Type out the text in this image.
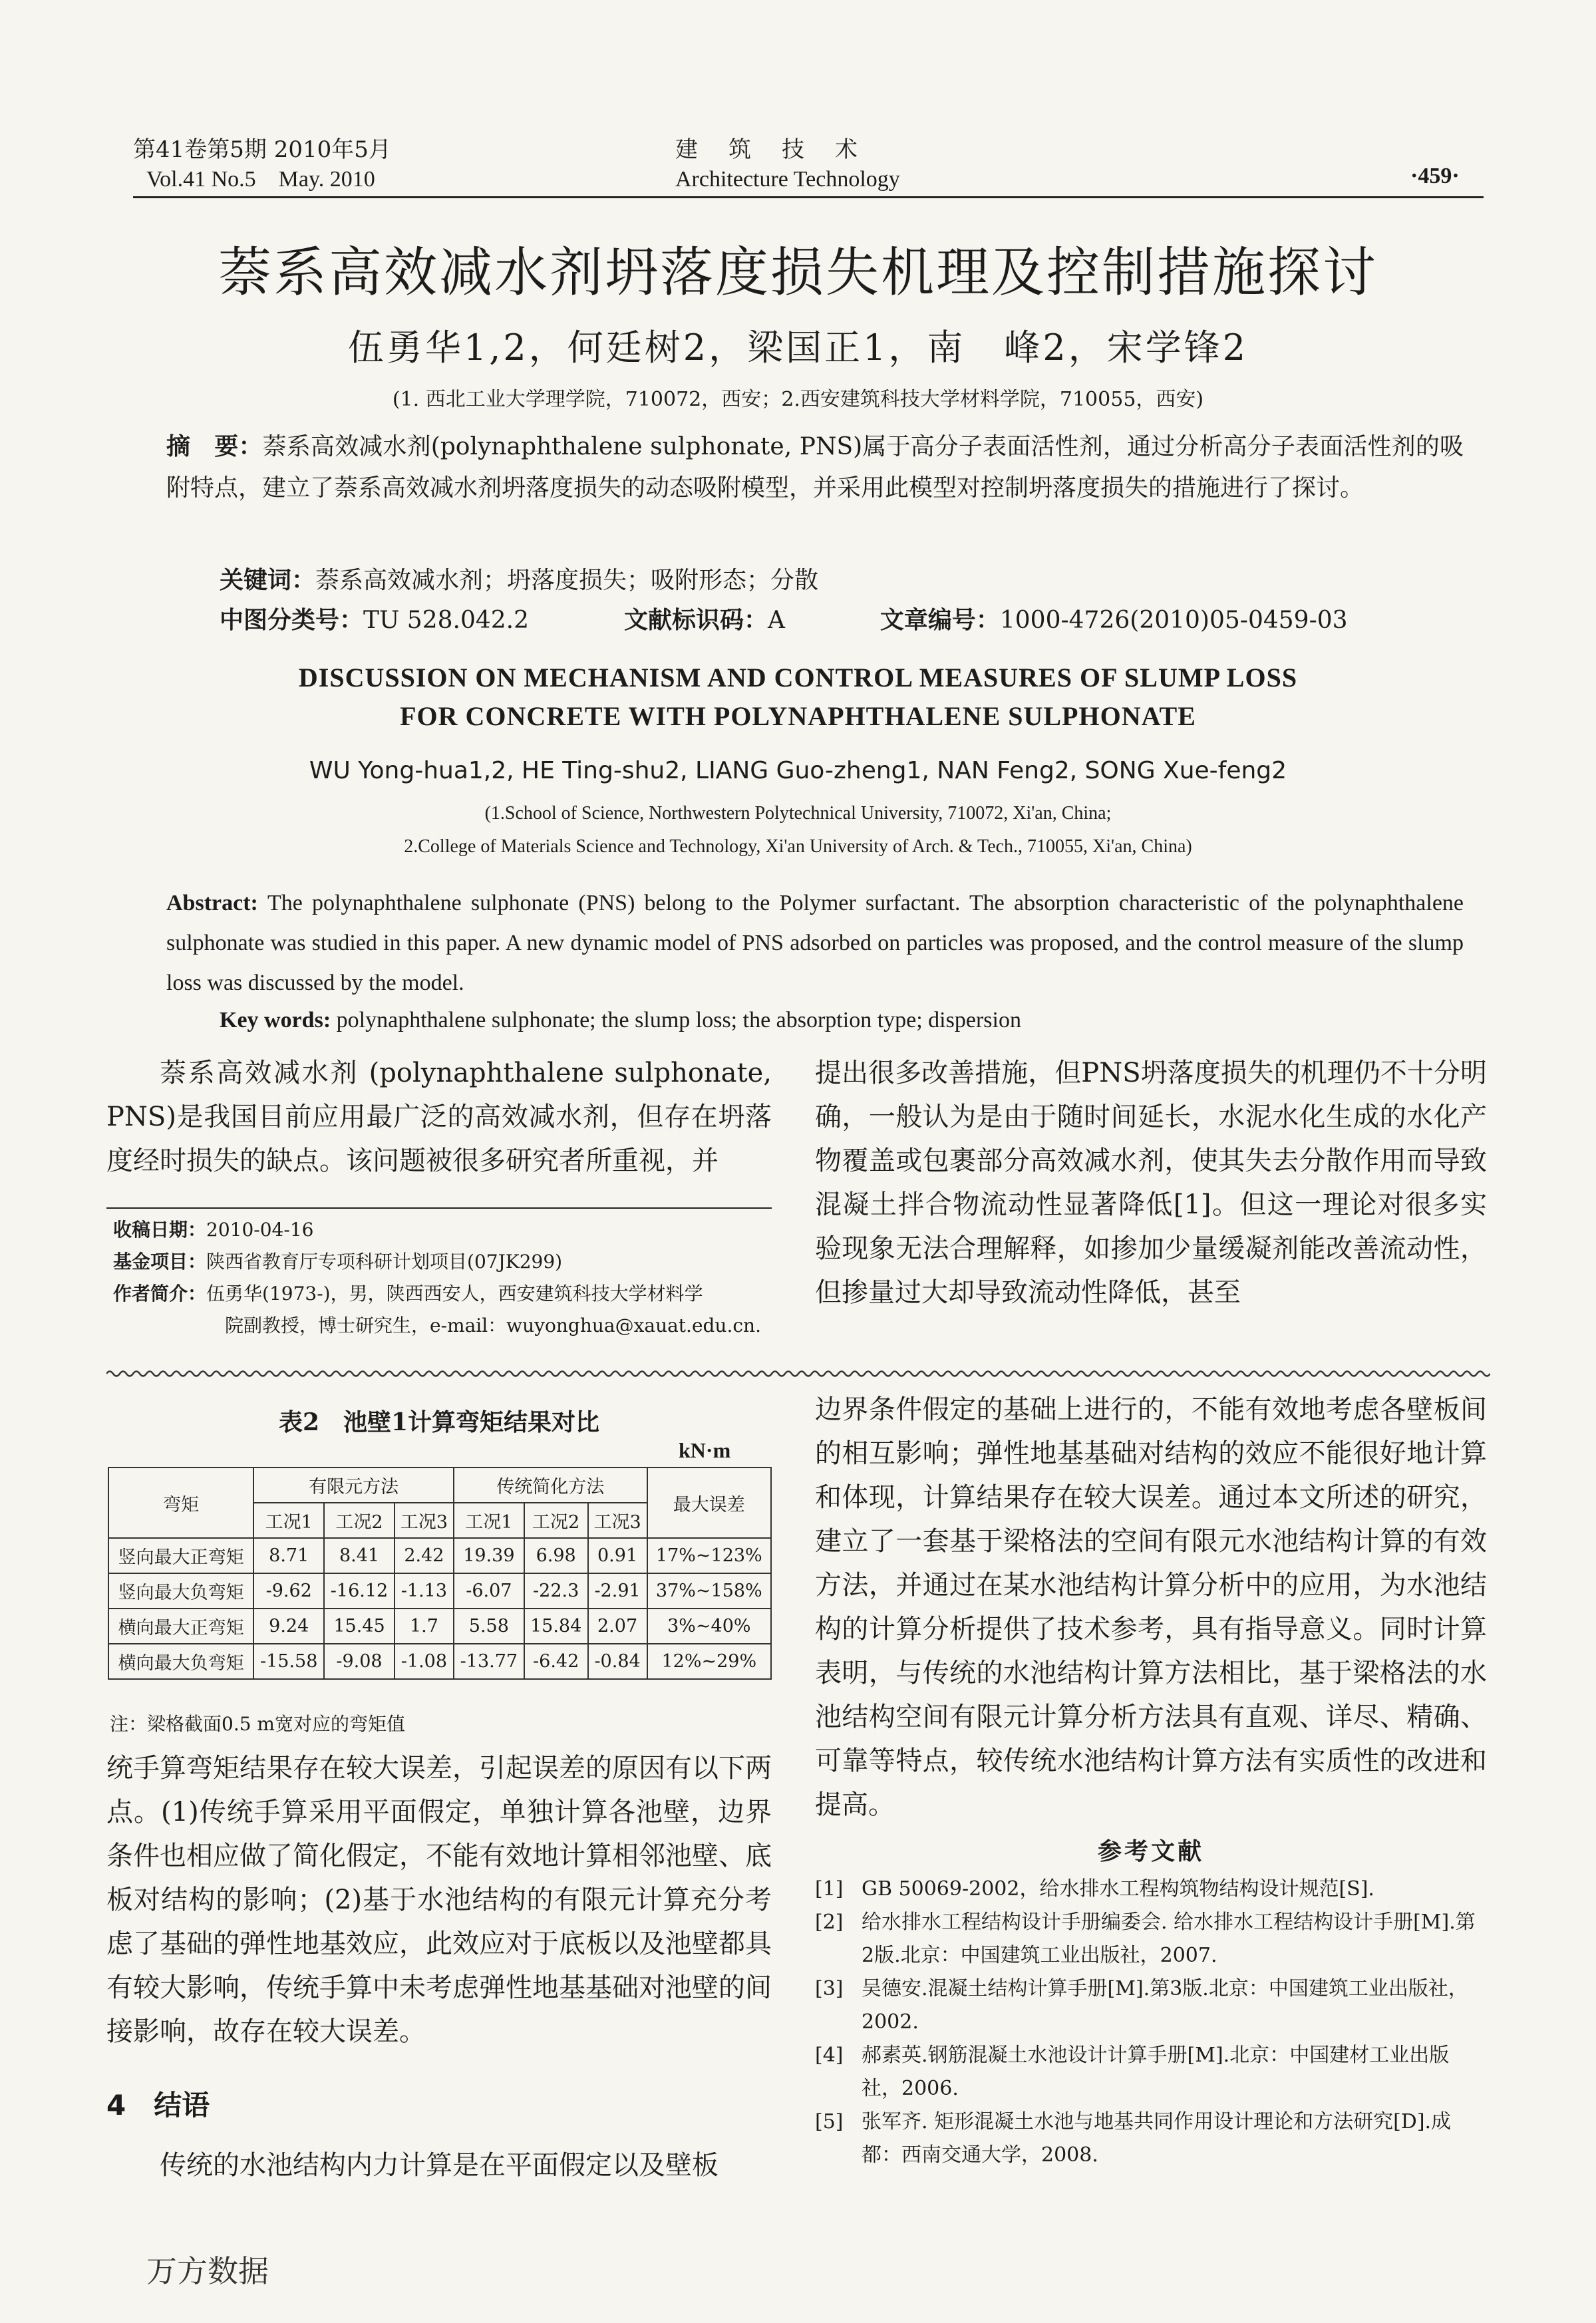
第41卷第5期 2010年5月
Vol.41 No.5　May. 2010
建　筑　技　术
Architecture Technology	·459·
萘系高效减水剂坍落度损失机理及控制措施探讨
伍勇华1,2，何廷树2，梁国正1，南　峰2，宋学锋2
(1. 西北工业大学理学院，710072，西安；2.西安建筑科技大学材料学院，710055，西安)
摘　要：萘系高效减水剂(polynaphthalene sulphonate, PNS)属于高分子表面活性剂，通过分析高分子表面活性剂的吸附特点，建立了萘系高效减水剂坍落度损失的动态吸附模型，并采用此模型对控制坍落度损失的措施进行了探讨。
关键词：萘系高效减水剂；坍落度损失；吸附形态；分散
中图分类号：TU 528.042.2	文献标识码：A	文章编号：1000-4726(2010)05-0459-03
DISCUSSION ON MECHANISM AND CONTROL MEASURES OF SLUMP LOSS
FOR CONCRETE WITH POLYNAPHTHALENE SULPHONATE
WU Yong-hua1,2, HE Ting-shu2, LIANG Guo-zheng1, NAN Feng2, SONG Xue-feng2
(1.School of Science, Northwestern Polytechnical University, 710072, Xi'an, China;
2.College of Materials Science and Technology, Xi'an University of Arch. & Tech., 710055, Xi'an, China)
Abstract: The polynaphthalene sulphonate (PNS) belong to the Polymer surfactant. The absorption characteristic of the polynaphthalene sulphonate was studied in this paper. A new dynamic model of PNS adsorbed on particles was proposed, and the control measure of the slump loss was discussed by the model.
Key words: polynaphthalene sulphonate; the slump loss; the absorption type; dispersion
萘系高效减水剂 (polynaphthalene sulphonate, PNS)是我国目前应用最广泛的高效减水剂，但存在坍落度经时损失的缺点。该问题被很多研究者所重视，并
提出很多改善措施，但PNS坍落度损失的机理仍不十分明确，一般认为是由于随时间延长，水泥水化生成的水化产物覆盖或包裹部分高效减水剂，使其失去分散作用而导致混凝土拌合物流动性显著降低[1]。但这一理论对很多实验现象无法合理解释，如掺加少量缓凝剂能改善流动性，但掺量过大却导致流动性降低，甚至
收稿日期：2010-04-16
基金项目：陕西省教育厅专项科研计划项目(07JK299)
作者简介：伍勇华(1973-)，男，陕西西安人，西安建筑科技大学材料学
院副教授，博士研究生，e-mail：wuyonghua@xauat.edu.cn.
表2　池壁1计算弯矩结果对比
kN·m
弯矩	有限元方法			传统简化方法			最大误差
	工况1	工况2	工况3	工况1	工况2	工况3	
竖向最大正弯矩	8.71	8.41	2.42	19.39	6.98	0.91	17%~123%
竖向最大负弯矩	-9.62	-16.12	-1.13	-6.07	-22.3	-2.91	37%~158%
横向最大正弯矩	9.24	15.45	1.7	5.58	15.84	2.07	3%~40%
横向最大负弯矩	-15.58	-9.08	-1.08	-13.77	-6.42	-0.84	12%~29%
注：梁格截面0.5 m宽对应的弯矩值
统手算弯矩结果存在较大误差，引起误差的原因有以下两点。(1)传统手算采用平面假定，单独计算各池壁，边界条件也相应做了简化假定，不能有效地计算相邻池壁、底板对结构的影响；(2)基于水池结构的有限元计算充分考虑了基础的弹性地基效应，此效应对于底板以及池壁都具有较大影响，传统手算中未考虑弹性地基基础对池壁的间接影响，故存在较大误差。
4　结语
传统的水池结构内力计算是在平面假定以及壁板
边界条件假定的基础上进行的，不能有效地考虑各壁板间的相互影响；弹性地基基础对结构的效应不能很好地计算和体现，计算结果存在较大误差。通过本文所述的研究，建立了一套基于梁格法的空间有限元水池结构计算的有效方法，并通过在某水池结构计算分析中的应用，为水池结构的计算分析提供了技术参考，具有指导意义。同时计算表明，与传统的水池结构计算方法相比，基于梁格法的水池结构空间有限元计算分析方法具有直观、详尽、精确、可靠等特点，较传统水池结构计算方法有实质性的改进和提高。
参考文献
[1] GB 50069-2002，给水排水工程构筑物结构设计规范[S].
[2] 给水排水工程结构设计手册编委会. 给水排水工程结构设计手册[M].第2版.北京：中国建筑工业出版社，2007.
[3] 吴德安.混凝土结构计算手册[M].第3版.北京：中国建筑工业出版社，2002.
[4] 郝素英.钢筋混凝土水池设计计算手册[M].北京：中国建材工业出版社，2006.
[5] 张军齐. 矩形混凝土水池与地基共同作用设计理论和方法研究[D].成都：西南交通大学，2008.
万方数据
